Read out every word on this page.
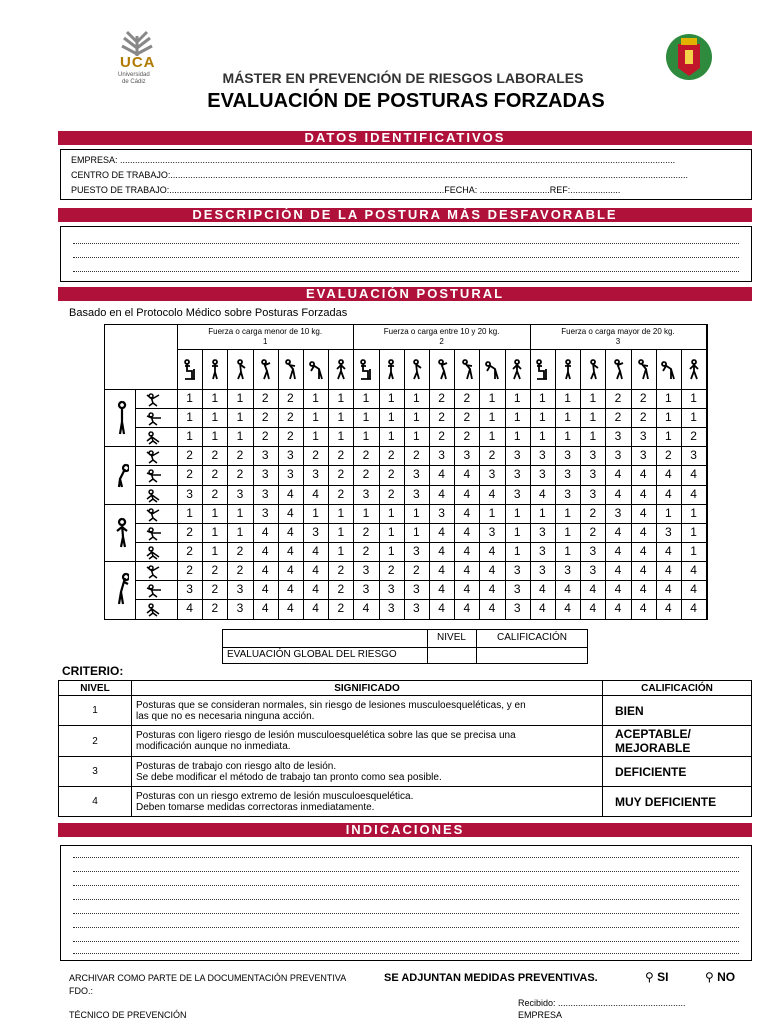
UCA
Universidad
de Cádiz	MÁSTER EN PREVENCIÓN DE RIESGOS LABORALES
EVALUACIÓN DE POSTURAS FORZADAS
DATOS IDENTIFICATIVOS
EMPRESA: ..............................................................................................................................................................................................................................
CENTRO DE TRABAJO:...............................................................................................................................................................................................................
PUESTO DE TRABAJO:..............................................................................................................FECHA: ............................REF:....................
DESCRIPCIÓN DE LA POSTURA MÁS DESFAVORABLE
EVALUACIÓN POSTURAL
Basado en el Protocolo Médico sobre Posturas Forzadas
Fuerza o carga menor de 10 kg.
1
Fuerza o carga entre 10 y 20 kg.
2
Fuerza o carga mayor de 20 kg.
3
1	1	1	2	2	1	1	1	1	1	2	2	1	1	1	1	1	2	2	1	1
1	1	1	2	2	1	1	1	1	1	2	2	1	1	1	1	1	2	2	1	1
1	1	1	2	2	1	1	1	1	1	2	2	1	1	1	1	1	3	3	1	2
2	2	2	3	3	2	2	2	2	2	3	3	2	3	3	3	3	3	3	2	3
2	2	2	3	3	3	2	2	2	3	4	4	3	3	3	3	3	4	4	4	4
3	2	3	3	4	4	2	3	2	3	4	4	4	3	4	3	3	4	4	4	4
1	1	1	3	4	1	1	1	1	1	3	4	1	1	1	1	2	3	4	1	1
2	1	1	4	4	3	1	2	1	1	4	4	3	1	3	1	2	4	4	3	1
2	1	2	4	4	4	1	2	1	3	4	4	4	1	3	1	3	4	4	4	1
2	2	2	4	4	4	2	3	2	2	4	4	4	3	3	3	3	4	4	4	4
3	2	3	4	4	4	2	3	3	3	4	4	4	3	4	4	4	4	4	4	4
4	2	3	4	4	4	2	4	3	3	4	4	4	3	4	4	4	4	4	4	4
NIVEL	CALIFICACIÓN
EVALUACIÓN GLOBAL DEL RIESGO
CRITERIO:
NIVEL	SIGNIFICADO	CALIFICACIÓN
1	Posturas que se consideran normales, sin riesgo de lesiones musculoesqueléticas, y en
las que no es necesaria ninguna acción.	BIEN
2	Posturas con ligero riesgo de lesión musculoesquelética sobre las que se precisa una
modificación aunque no inmediata.	ACEPTABLE/ MEJORABLE
3	Posturas de trabajo con riesgo alto de lesión.
Se debe modificar el método de trabajo tan pronto como sea posible.	DEFICIENTE
4	Posturas con un riesgo extremo de lesión musculoesquelética.
Deben tomarse medidas correctoras inmediatamente.	MUY DEFICIENTE
INDICACIONES
ARCHIVAR COMO PARTE DE LA DOCUMENTACIÓN PREVENTIVA
FDO.:
TÉCNICO DE PREVENCIÓN
SE ADJUNTAN MEDIDAS PREVENTIVAS.	⚲ SI	⚲ NO
Recibido: ...................................................
EMPRESA
